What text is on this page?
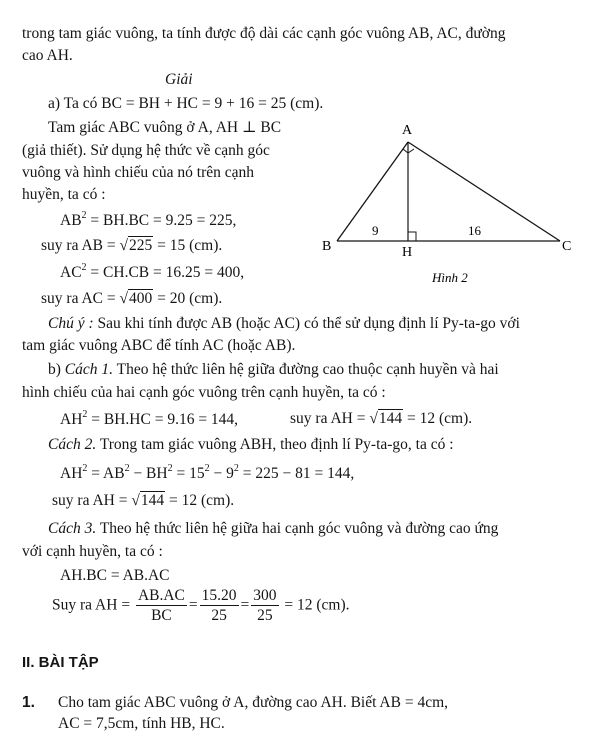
trong tam giác vuông, ta tính được độ dài các cạnh góc vuông AB, AC, đường
cao AH.
Giải
a) Ta có BC = BH + HC = 9 + 16 = 25 (cm).
Tam giác ABC vuông ở A, AH ⊥ BC
(giả thiết). Sử dụng hệ thức về cạnh góc
vuông và hình chiếu của nó trên cạnh
huyền, ta có :
$AB^2 = BH.BC = 9.25 = 225$,
suy ra AB = √225 = 15 (cm).
$AC^2 = CH.CB = 16.25 = 400$,
suy ra AC = √400 = 20 (cm).
Chú ý : Sau khi tính được AB (hoặc AC) có thể sử dụng định lí Py-ta-go với
tam giác vuông ABC để tính AC (hoặc AB).
b) Cách 1. Theo hệ thức liên hệ giữa đường cao thuộc cạnh huyền và hai
hình chiếu của hai cạnh góc vuông trên cạnh huyền, ta có :
$AH^2 = BH.HC = 9.16 = 144$,	suy ra AH = √144 = 12 (cm).
Cách 2. Trong tam giác vuông ABH, theo định lí Py-ta-go, ta có :
$AH^2 = AB^2 - BH^2 = 15^2 - 9^2 = 225 - 81 = 144$,
suy ra AH = √144 = 12 (cm).
Cách 3. Theo hệ thức liên hệ giữa hai cạnh góc vuông và đường cao ứng
với cạnh huyền, ta có :
AH.BC = AB.AC
Suy ra AH = $\frac{AB.AC}{BC} = \frac{15.20}{25} = \frac{300}{25} = 12$ (cm).
II. BÀI TẬP
1. Cho tam giác ABC vuông ở A, đường cao AH. Biết AB = 4cm,
AC = 7,5cm, tính HB, HC.
A
B	C
H
9	16
Hình 2
